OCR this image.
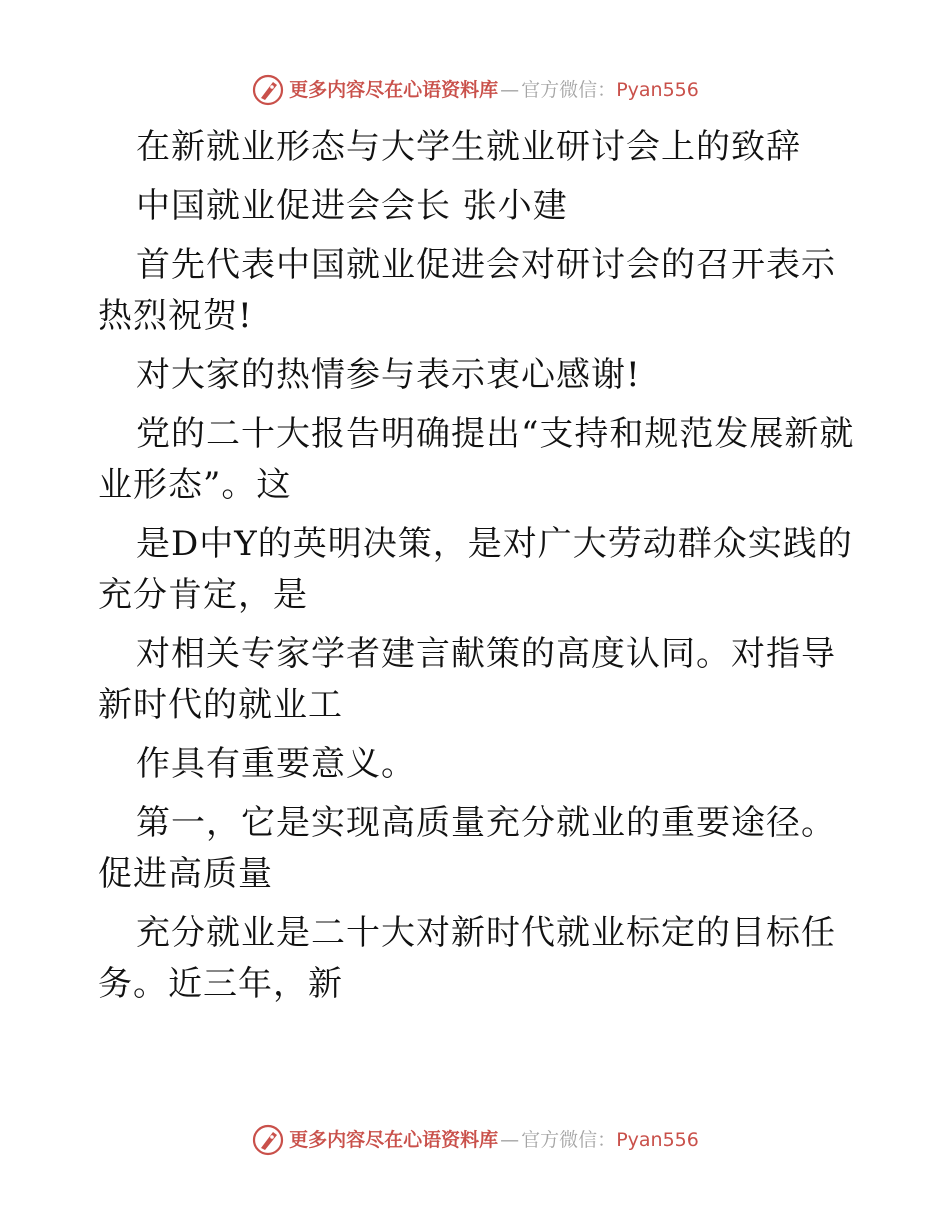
更多内容尽在心语资料库 — 官方微信： Pyan556

在新就业形态与大学生就业研讨会上的致辞

中国就业促进会会长 张小建

首先代表中国就业促进会对研讨会的召开表示热烈祝贺!

对大家的热情参与表示衷心感谢!

党的二十大报告明确提出“支持和规范发展新就业形态”。这

是D中Y的英明决策，是对广大劳动群众实践的充分肯定，是

对相关专家学者建言献策的高度认同。对指导新时代的就业工

作具有重要意义。

第一，它是实现高质量充分就业的重要途径。促进高质量

充分就业是二十大对新时代就业标定的目标任务。近三年，新

更多内容尽在心语资料库 — 官方微信： Pyan556
